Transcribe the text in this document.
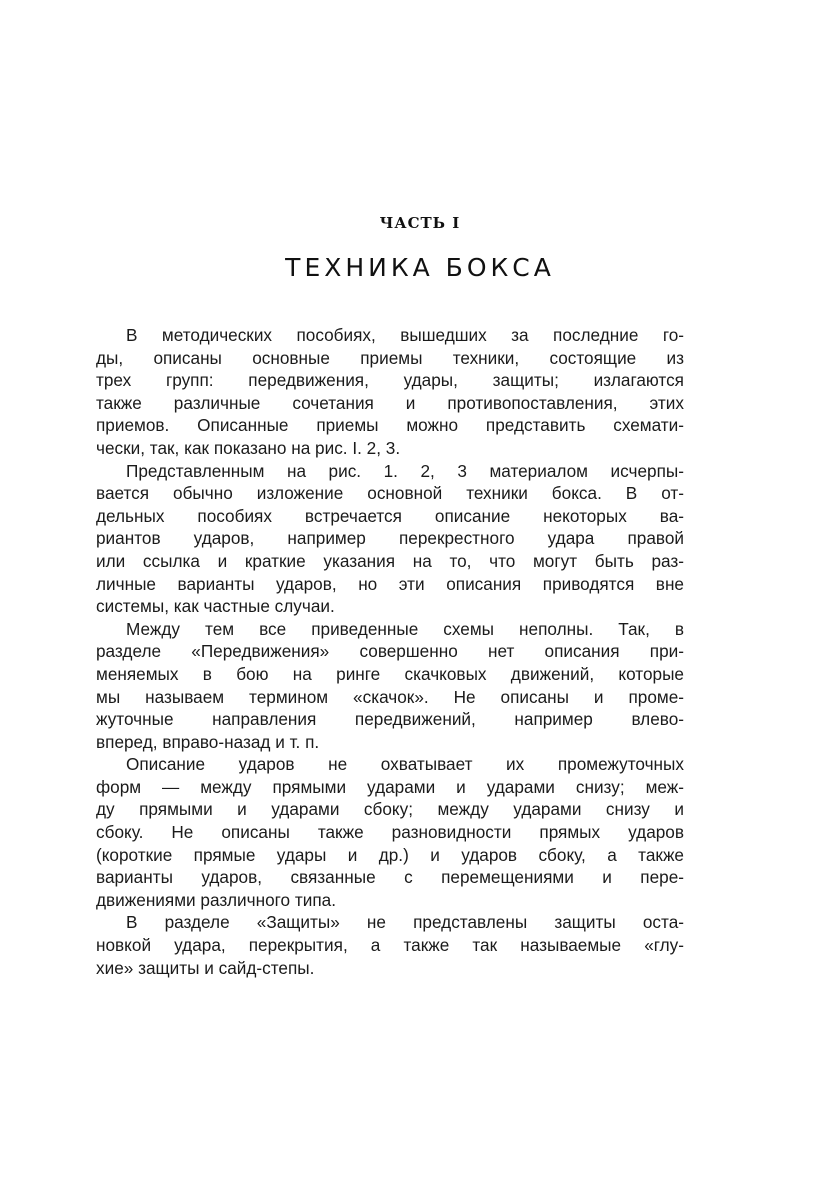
ЧАСТЬ I
ТЕХНИКА БОКСА

В методических пособиях, вышедших за последние го-
ды, описаны основные приемы техники, состоящие из
трех групп: передвижения, удары, защиты; излагаются
также различные сочетания и противопоставления, этих
приемов. Описанные приемы можно представить схемати-
чески, так, как показано на рис. I. 2, 3.

Представленным на рис. 1. 2, 3 материалом исчерпы-
вается обычно изложение основной техники бокса. В от-
дельных пособиях встречается описание некоторых ва-
риантов ударов, например перекрестного удара правой
или ссылка и краткие указания на то, что могут быть раз-
личные варианты ударов, но эти описания приводятся вне
системы, как частные случаи.

Между тем все приведенные схемы неполны. Так, в
разделе «Передвижения» совершенно нет описания при-
меняемых в бою на ринге скачковых движений, которые
мы называем термином «скачок». Не описаны и проме-
жуточные направления передвижений, например влево-
вперед, вправо-назад и т. п.

Описание ударов не охватывает их промежуточных
форм — между прямыми ударами и ударами снизу; меж-
ду прямыми и ударами сбоку; между ударами снизу и
сбоку. Не описаны также разновидности прямых ударов
(короткие прямые удары и др.) и ударов сбоку, а также
варианты ударов, связанные с перемещениями и пере-
движениями различного типа.

В разделе «Защиты» не представлены защиты оста-
новкой удара, перекрытия, а также так называемые «глу-
хие» защиты и сайд-степы.
